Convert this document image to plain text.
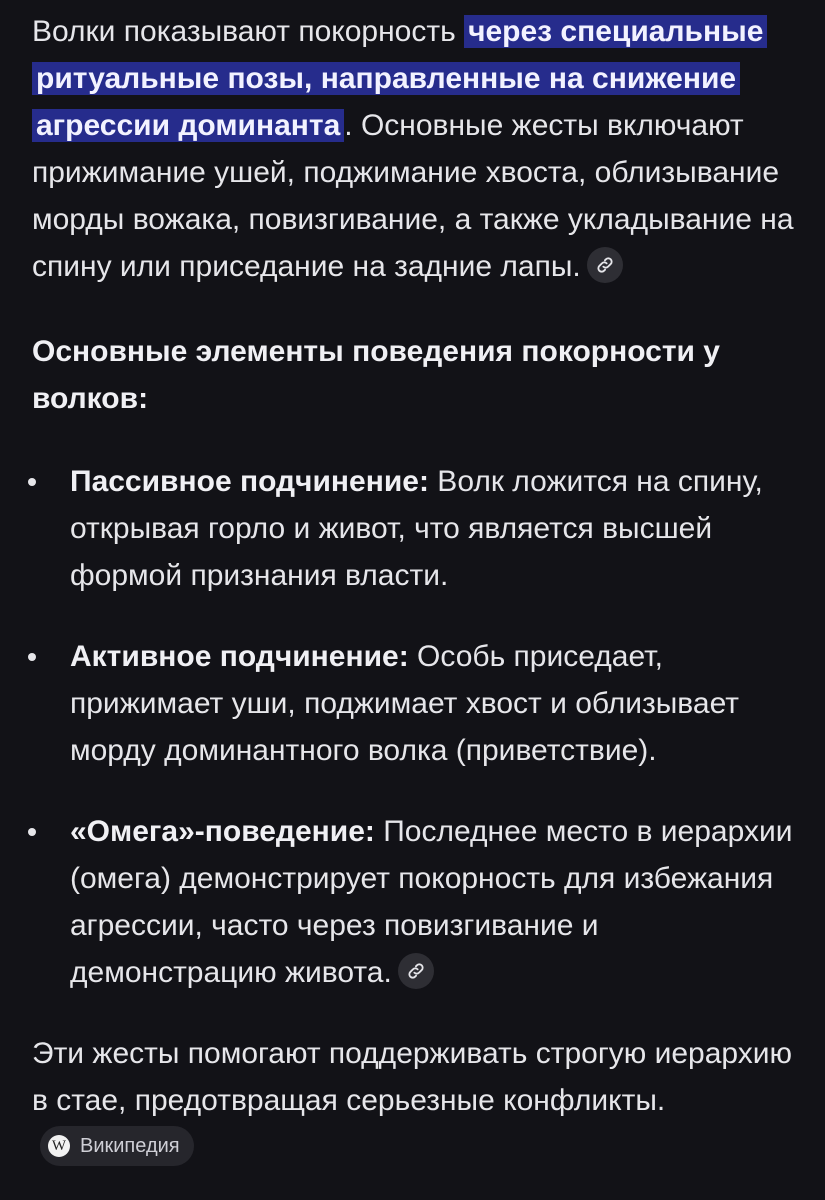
Волки показывают покорность через специальные ритуальные позы, направленные на снижение агрессии доминанта . Основные жесты включают прижимание ушей, поджимание хвоста, облизывание морды вожака, повизгивание, а также укладывание на спину или приседание на задние лапы.

Основные элементы поведения покорности у волков:

Пассивное подчинение: Волк ложится на спину, открывая горло и живот, что является высшей формой признания власти.
Активное подчинение: Особь приседает, прижимает уши, поджимает хвост и облизывает морду доминантного волка (приветствие).
«Омега»-поведение: Последнее место в иерархии (омега) демонстрирует покорность для избежания агрессии, часто через повизгивание и демонстрацию живота.

Эти жесты помогают поддерживать строгую иерархию в стае, предотвращая серьезные конфликты.
W Википедия
